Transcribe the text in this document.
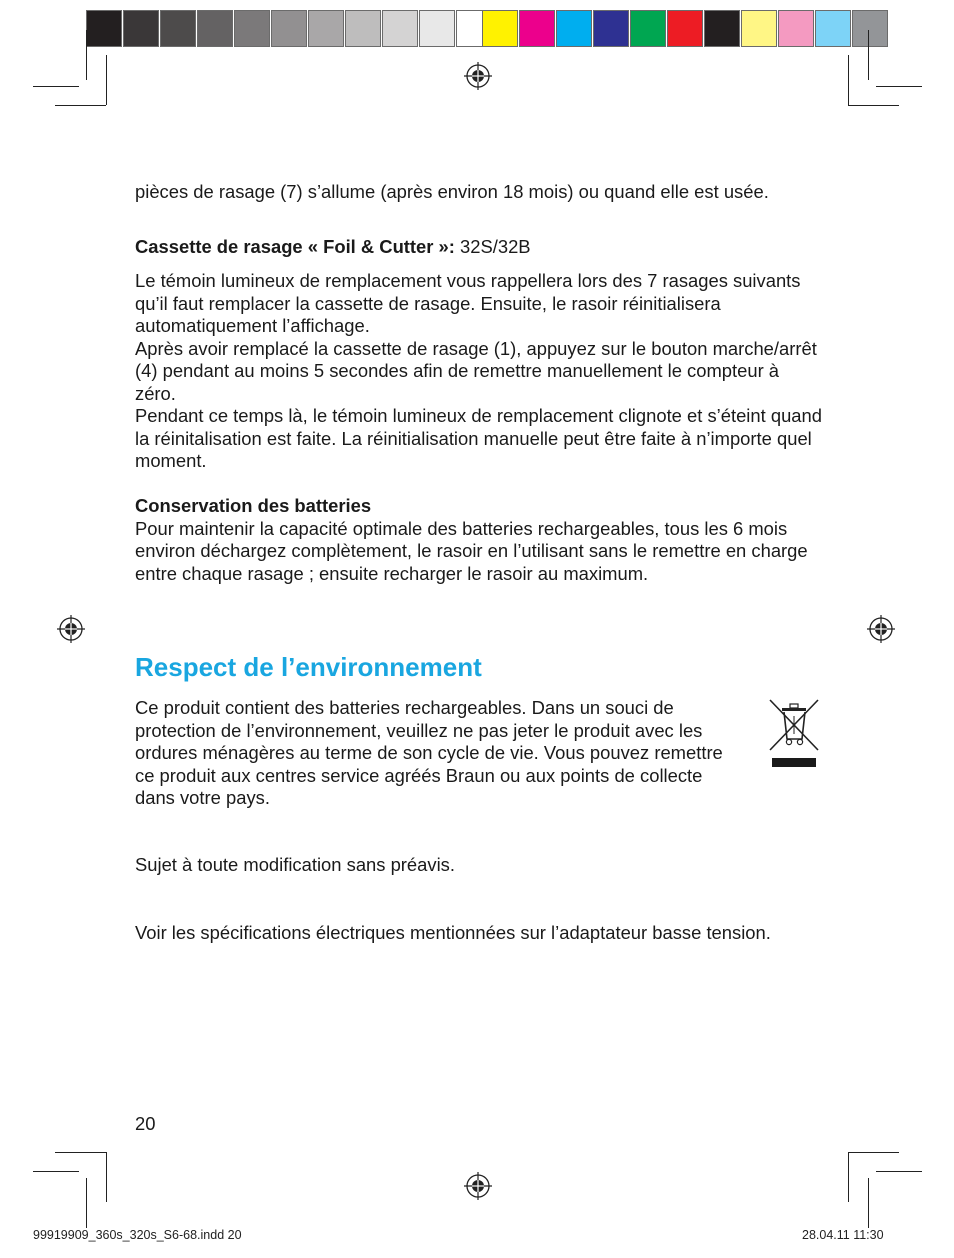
pièces de rasage (7) s’allume (après environ 18 mois) ou quand elle est usée.

Cassette de rasage « Foil & Cutter »: 32S/32B

Le témoin lumineux de remplacement vous rappellera lors des 7 rasages suivants qu’il faut remplacer la cassette de rasage. Ensuite, le rasoir réinitialisera automatiquement l’affichage.

Après avoir remplacé la cassette de rasage (1), appuyez sur le bouton marche/arrêt (4) pendant au moins 5 secondes afin de remettre manuellement le compteur à zéro.

Pendant ce temps là, le témoin lumineux de remplacement clignote et s’éteint quand la réinitalisation est faite. La réinitialisation manuelle peut être faite à n’importe quel moment.

Conservation des batteries

Pour maintenir la capacité optimale des batteries rechargeables, tous les 6 mois environ déchargez complètement, le rasoir en l’utilisant sans le remettre en charge entre chaque rasage ; ensuite recharger le rasoir au maximum.

Respect de l’environnement

Ce produit contient des batteries rechargeables. Dans un souci de protection de l’environnement, veuillez ne pas jeter le produit avec les ordures ménagères au terme de son cycle de vie. Vous pouvez remettre ce produit aux centres service agréés Braun ou aux points de collecte dans votre pays.

Sujet à toute modification sans préavis.

Voir les spécifications électriques mentionnées sur l’adaptateur basse tension.

20

99919909_360s_320s_S6-68.indd 20	28.04.11 11:30
